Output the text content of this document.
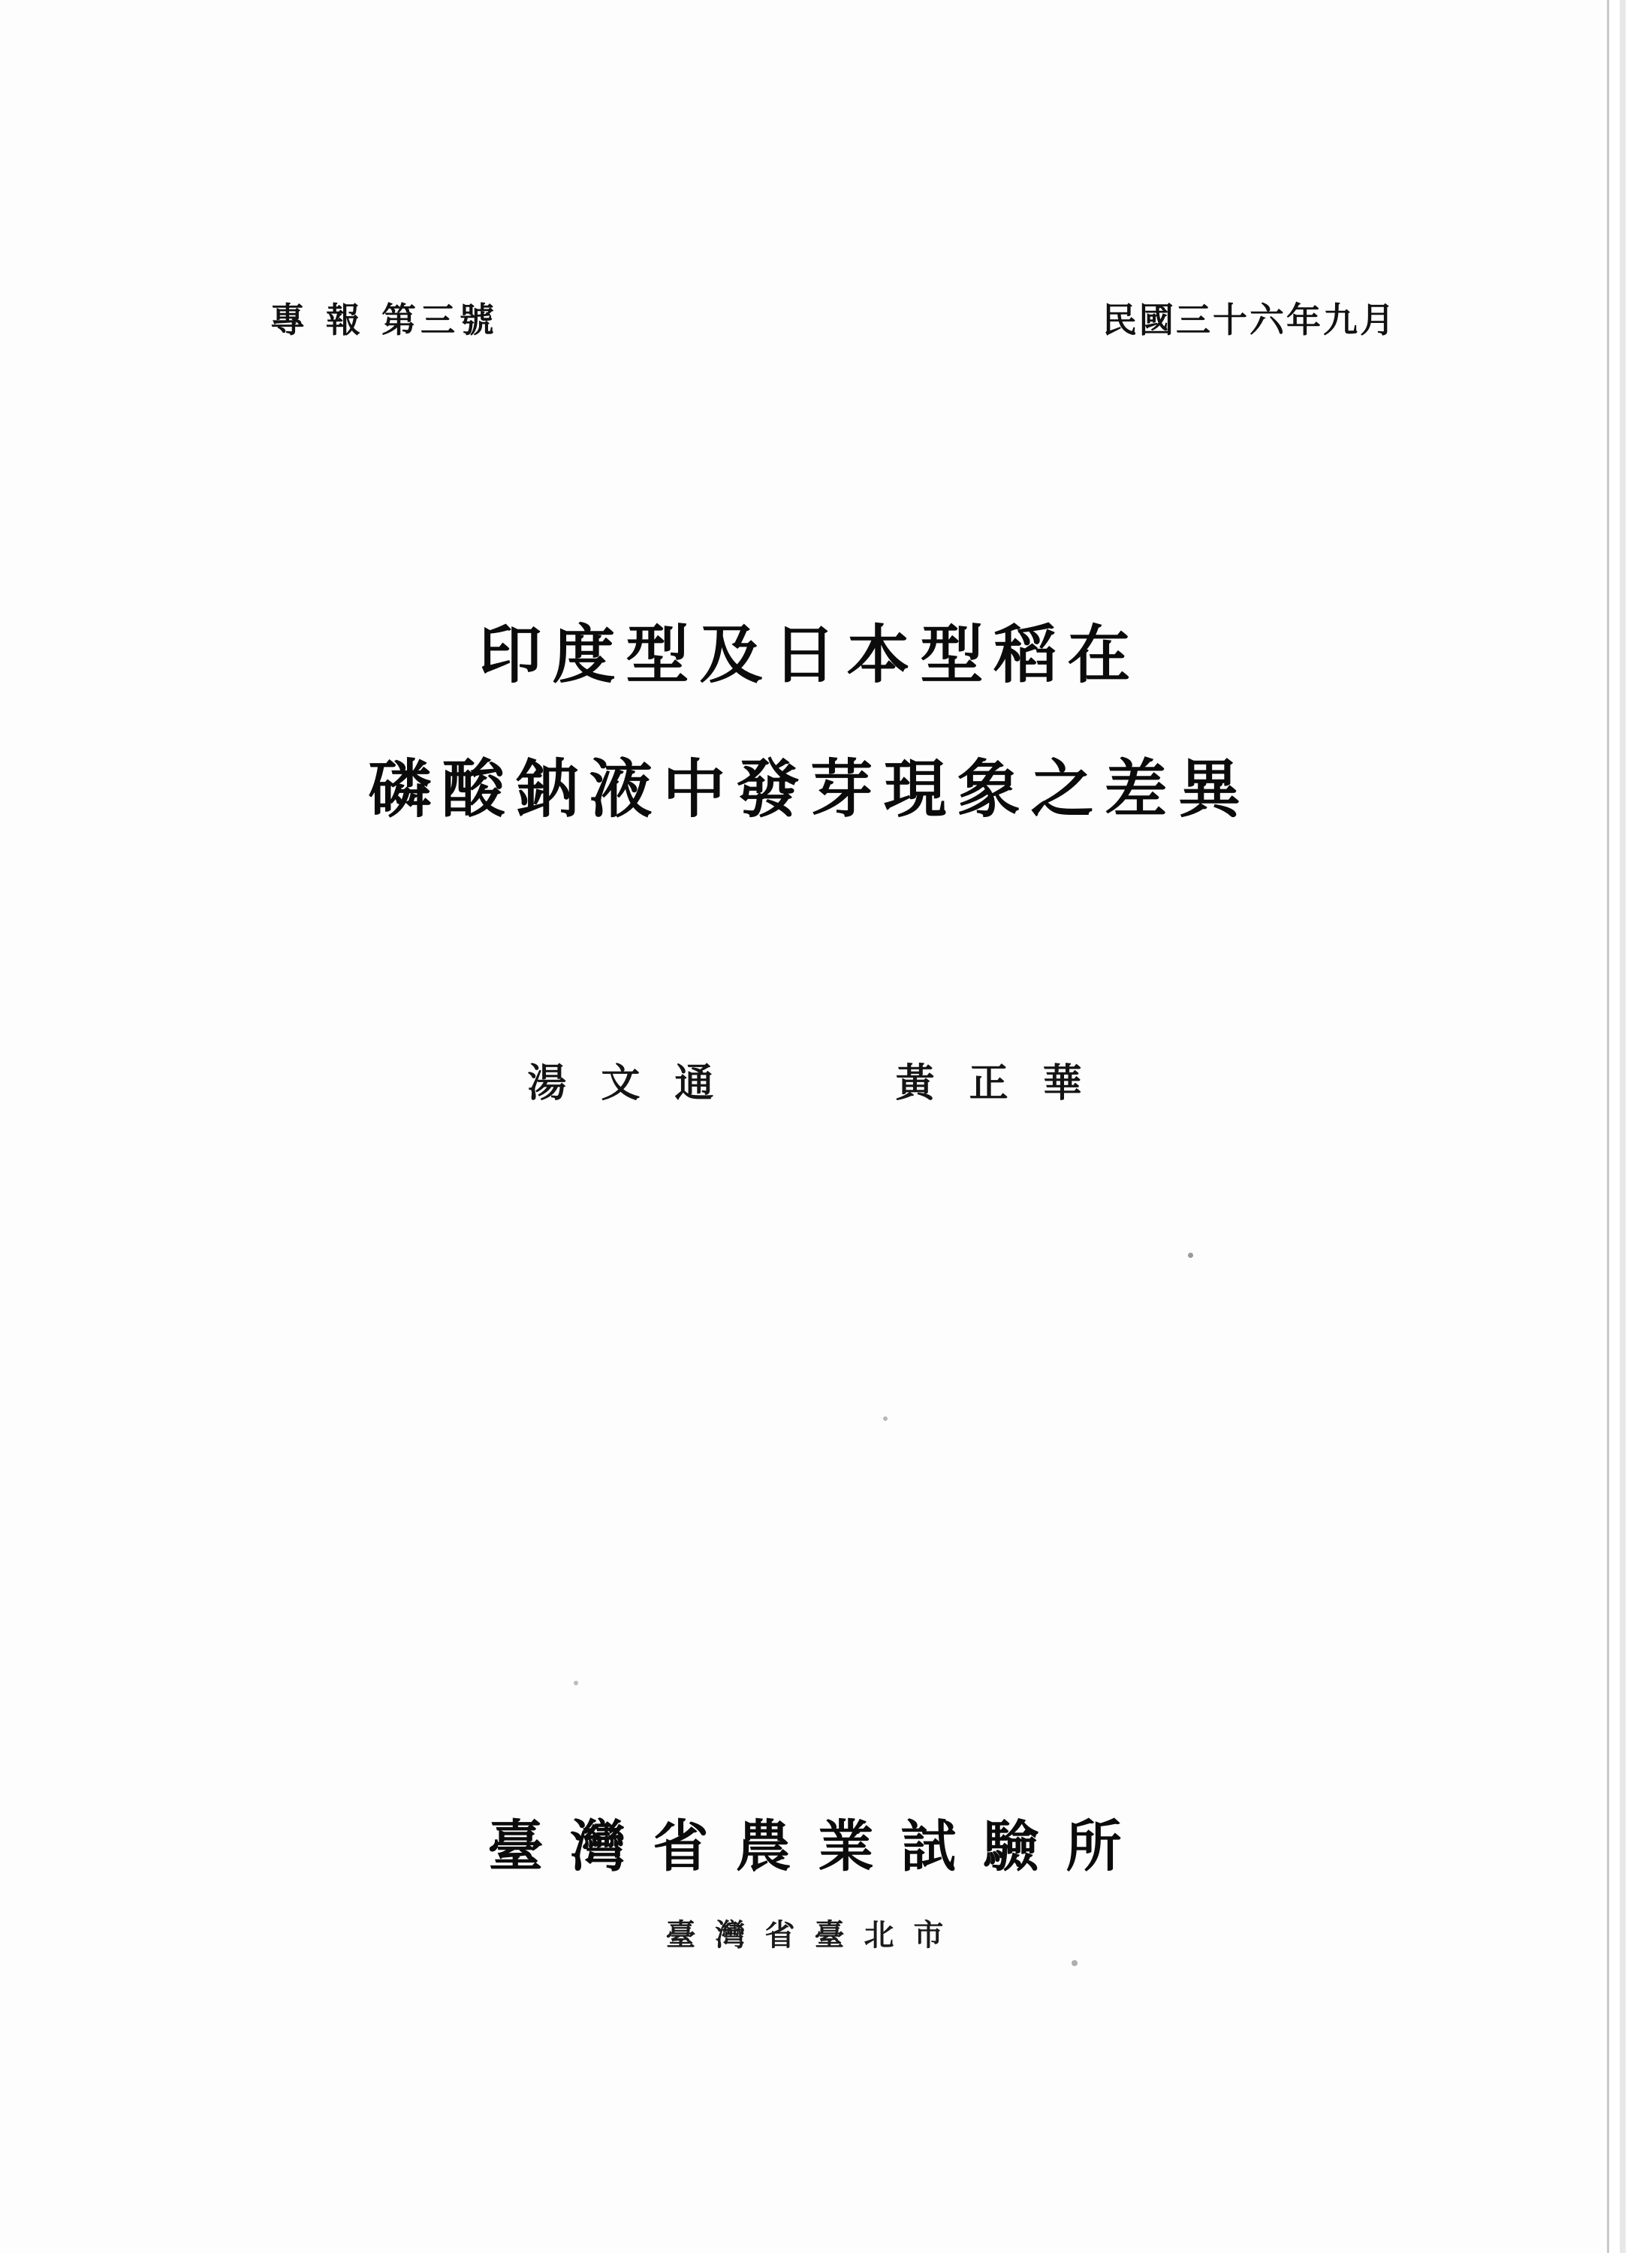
專 報 第三號	民國三十六年九月
印度型及日本型稻在
磷酸鈉液中發芽現象之差異
湯文通	黃正華
臺灣省農業試驗所
臺灣省臺北市
